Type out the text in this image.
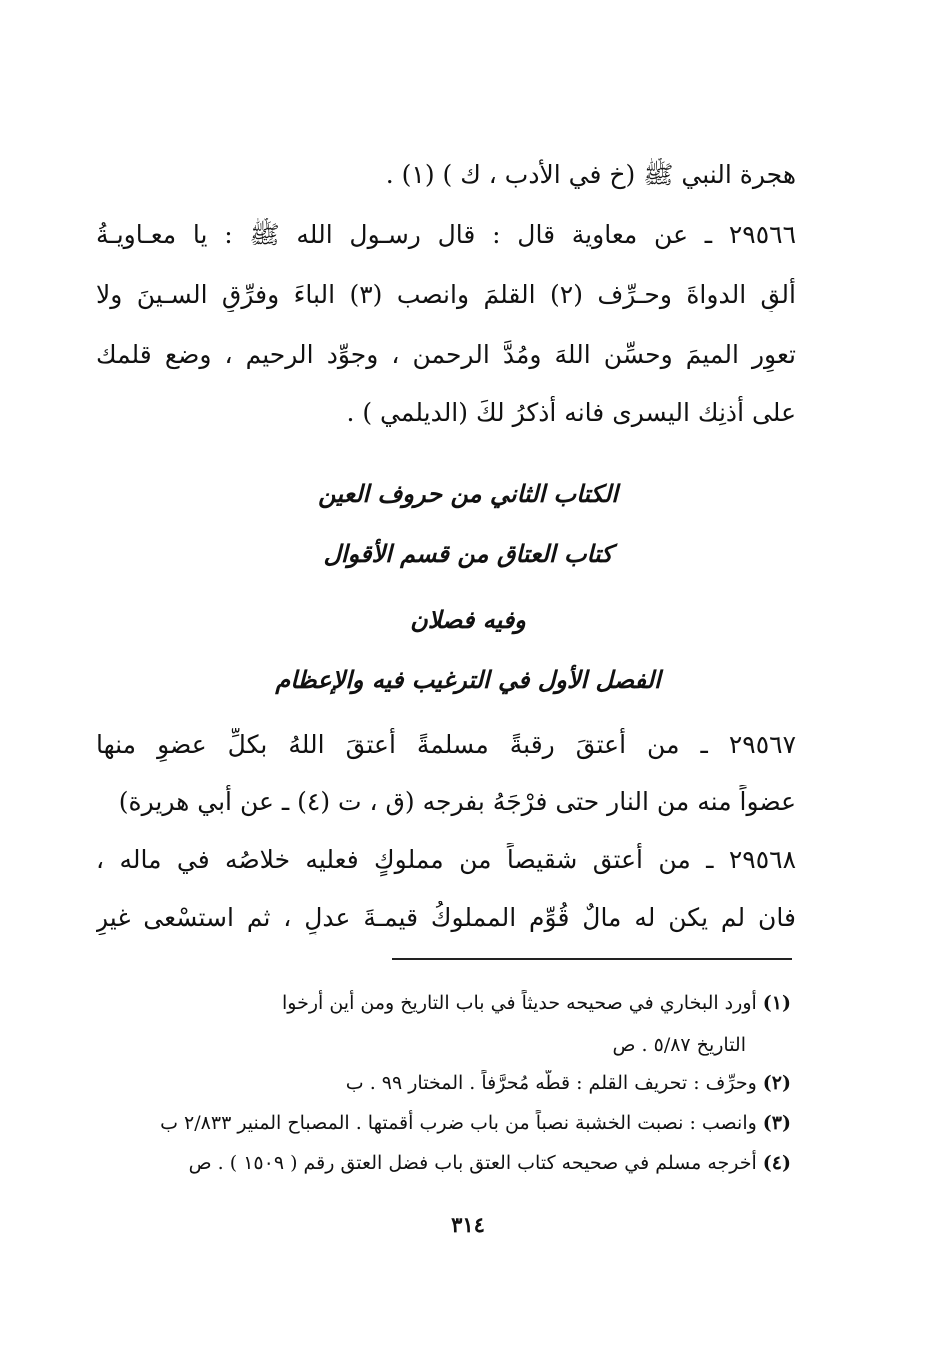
هجرة النبي ﷺ (خ في الأدب ، ك ) (١) .
٢٩٥٦٦ ـ عن معاوية قال : قال رسـول الله ﷺ : يا معـاويـةُ
ألقِ الدواةَ وحـرِّف (٢) القلمَ وانصب (٣) الباءَ وفرِّقِ السـينَ ولا
تعوِر الميمَ وحسِّن اللهَ ومُدَّ الرحمن ، وجوِّد الرحيم ، وضع قلمك
على أذنِك اليسرى فانه أذكرُ لكَ (الديلمي ) .
الكتاب الثاني من حروف العين
كتاب العتاق من قسم الأقوال
وفيه فصلان
الفصل الأول في الترغيب فيه والإعظام
٢٩٥٦٧ ـ من أعتقَ رقبةً مسلمةً أعتقَ اللهُ بكلِّ عضوٍ منها
عضواً منه من النار حتى فرْجَهُ بفرجه (ق ، ت (٤) ـ عن أبي هريرة)
٢٩٥٦٨ ـ من أعتق شقيصاً من مملوكٍ فعليه خلاصُه في ماله ،
فان لم يكن له مالٌ قُوِّم المملوكُ قيمـةَ عدلٍ ، ثم استسْعى غيرِ
(١)أورد البخاري في صحيحه حديثاً في باب التاريخ ومن أين أرخوا
التاريخ ٥/٨٧ . ص
(٢)وحرِّف : تحريف القلم : قطُّه مُحرَّفاً . المختار ٩٩ . ب
(٣)وانصب : نصبت الخشبة نصباً من باب ضرب أقمتها . المصباح المنير ٢/٨٣٣ ب
(٤)أخرجه مسلم في صحيحه كتاب العتق باب فضل العتق رقم ( ١٥٠٩ ) . ص
٣١٤
